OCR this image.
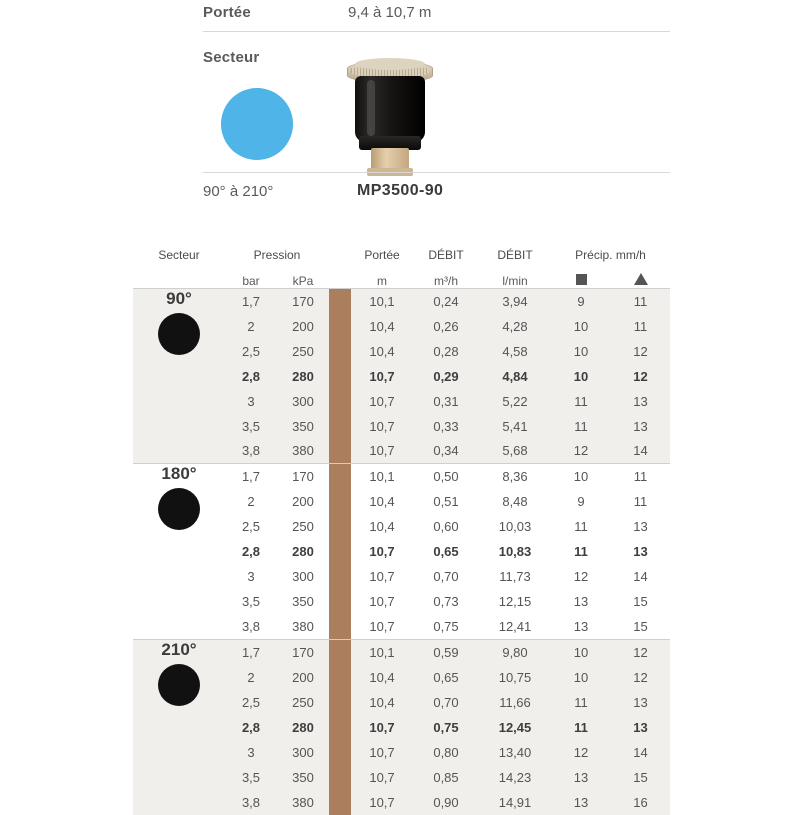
Portée	9,4 à 10,7 m
Secteur
90° à 210°	MP3500-90
Secteur	Pression			Portée	DÉBIT	DÉBIT	Précip. mm/h	
	bar	kPa		m	m³/h	l/min		

90°	1,7	170		10,1	0,24	3,94	9	11
	2	200		10,4	0,26	4,28	10	11
	2,5	250		10,4	0,28	4,58	10	12
	2,8	280		10,7	0,29	4,84	10	12
	3	300		10,7	0,31	5,22	11	13
	3,5	350		10,7	0,33	5,41	11	13
	3,8	380		10,7	0,34	5,68	12	14

180°	1,7	170		10,1	0,50	8,36	10	11
	2	200		10,4	0,51	8,48	9	11
	2,5	250		10,4	0,60	10,03	11	13
	2,8	280		10,7	0,65	10,83	11	13
	3	300		10,7	0,70	11,73	12	14
	3,5	350		10,7	0,73	12,15	13	15
	3,8	380		10,7	0,75	12,41	13	15

210°	1,7	170		10,1	0,59	9,80	10	12
	2	200		10,4	0,65	10,75	10	12
	2,5	250		10,4	0,70	11,66	11	13
	2,8	280		10,7	0,75	12,45	11	13
	3	300		10,7	0,80	13,40	12	14
	3,5	350		10,7	0,85	14,23	13	15
	3,8	380		10,7	0,90	14,91	13	16
